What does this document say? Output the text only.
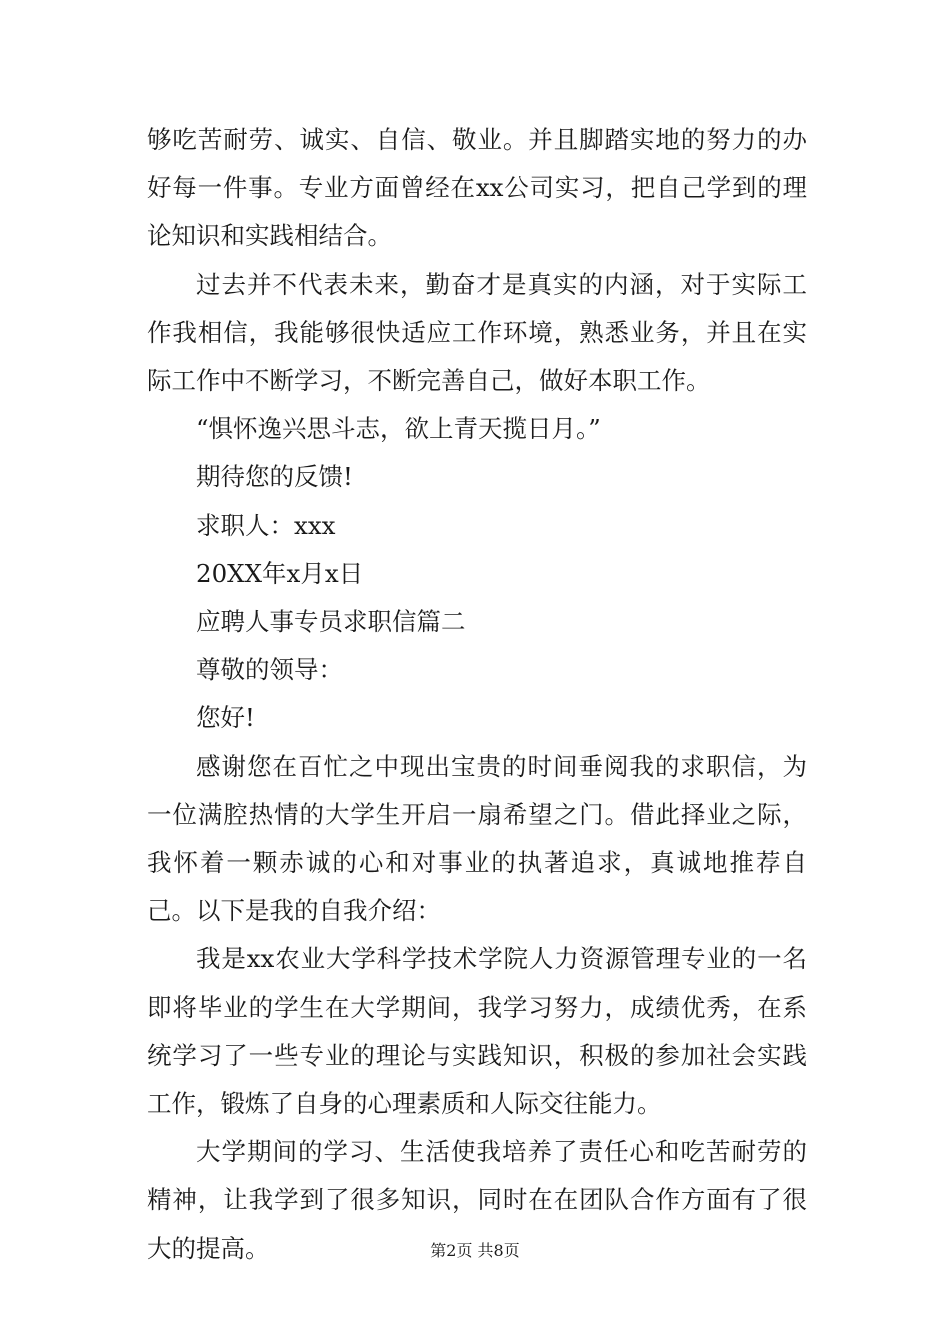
够吃苦耐劳、诚实、自信、敬业。并且脚踏实地的努力的办好每一件事。专业方面曾经在xx公司实习，把自己学到的理论知识和实践相结合。

过去并不代表未来，勤奋才是真实的内涵，对于实际工作我相信，我能够很快适应工作环境，熟悉业务，并且在实际工作中不断学习，不断完善自己，做好本职工作。

“惧怀逸兴思斗志，欲上青天揽日月。”

期待您的反馈!

求职人：xxx

20XX年x月x日

应聘人事专员求职信篇二

尊敬的领导：

您好!

感谢您在百忙之中现出宝贵的时间垂阅我的求职信，为一位满腔热情的大学生开启一扇希望之门。借此择业之际，我怀着一颗赤诚的心和对事业的执著追求，真诚地推荐自己。以下是我的自我介绍：

我是xx农业大学科学技术学院人力资源管理专业的一名即将毕业的学生在大学期间，我学习努力，成绩优秀，在系统学习了一些专业的理论与实践知识，积极的参加社会实践工作，锻炼了自身的心理素质和人际交往能力。

大学期间的学习、生活使我培养了责任心和吃苦耐劳的精神，让我学到了很多知识，同时在在团队合作方面有了很大的提高。	第2页 共8页
